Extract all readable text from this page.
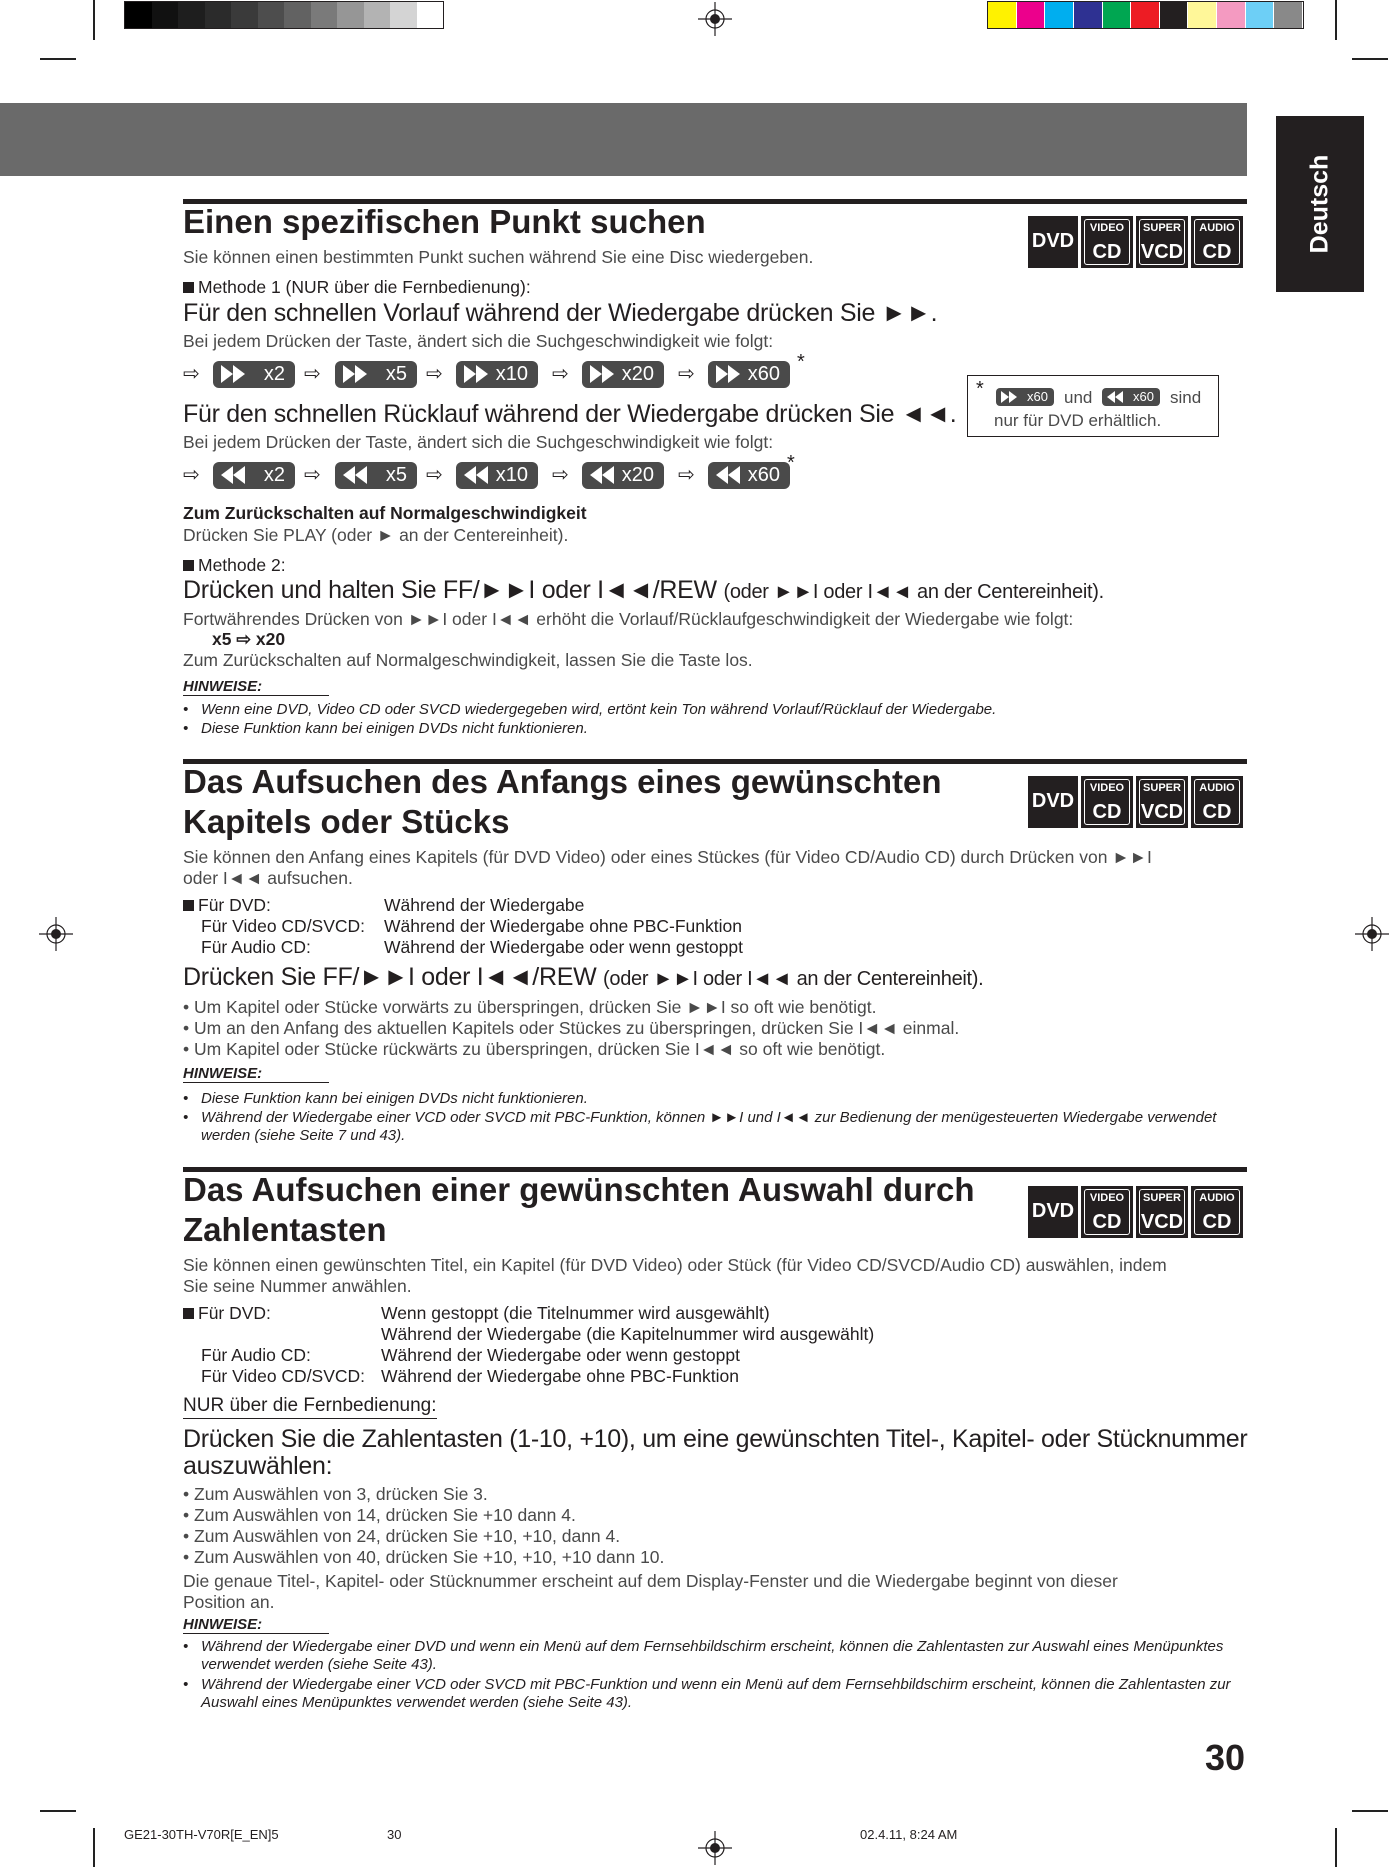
Deutsch
Einen spezifischen Punkt suchen
DVD
VIDEO
CD
SUPER
VCD
AUDIO
CD
Sie können einen bestimmten Punkt suchen während Sie eine Disc wiedergeben.
Methode 1 (NUR über die Fernbedienung):
Für den schnellen Vorlauf während der Wiedergabe drücken Sie ►►.
Bei jedem Drücken der Taste, ändert sich die Suchgeschwindigkeit wie folgt:
⇨	x2 ⇨	x5 ⇨	x10 ⇨	x20 ⇨	x60
*
*	x60 und	x60 sind
nur für DVD erhältlich.
Für den schnellen Rücklauf während der Wiedergabe drücken Sie ◄◄.
Bei jedem Drücken der Taste, ändert sich die Suchgeschwindigkeit wie folgt:
⇨	x2 ⇨	x5 ⇨	x10 ⇨	x20 ⇨	x60
*
Zum Zurückschalten auf Normalgeschwindigkeit
Drücken Sie PLAY (oder ► an der Centereinheit).
Methode 2:
Drücken und halten Sie FF/►►I oder I◄◄/REW (oder ►►I oder I◄◄ an der Centereinheit).
Fortwährendes Drücken von ►►I oder I◄◄ erhöht die Vorlauf/Rücklaufgeschwindigkeit der Wiedergabe wie folgt:
x5 ⇨ x20
Zum Zurückschalten auf Normalgeschwindigkeit, lassen Sie die Taste los.
HINWEISE:
• Wenn eine DVD, Video CD oder SVCD wiedergegeben wird, ertönt kein Ton während Vorlauf/Rücklauf der Wiedergabe.
• Diese Funktion kann bei einigen DVDs nicht funktionieren.
Das Aufsuchen des Anfangs eines gewünschten
Kapitels oder Stücks
DVD
VIDEO
CD
SUPER
VCD
AUDIO
CD
Sie können den Anfang eines Kapitels (für DVD Video) oder eines Stückes (für Video CD/Audio CD) durch Drücken von ►►I
oder I◄◄ aufsuchen.
Für DVD:	Während der Wiedergabe
Für Video CD/SVCD: Während der Wiedergabe ohne PBC-Funktion
Für Audio CD:	Während der Wiedergabe oder wenn gestoppt
Drücken Sie FF/►►I oder I◄◄/REW (oder ►►I oder I◄◄ an der Centereinheit).
• Um Kapitel oder Stücke vorwärts zu überspringen, drücken Sie ►►I so oft wie benötigt.
• Um an den Anfang des aktuellen Kapitels oder Stückes zu überspringen, drücken Sie I◄◄ einmal.
• Um Kapitel oder Stücke rückwärts zu überspringen, drücken Sie I◄◄ so oft wie benötigt.
HINWEISE:
• Diese Funktion kann bei einigen DVDs nicht funktionieren.
• Während der Wiedergabe einer VCD oder SVCD mit PBC-Funktion, können ►►I und I◄◄ zur Bedienung der menügesteuerten Wiedergabe verwendet werden (siehe Seite 7 und 43).
Das Aufsuchen einer gewünschten Auswahl durch
Zahlentasten	DVD
VIDEO
CD
SUPER
VCD
AUDIO
CD
Sie können einen gewünschten Titel, ein Kapitel (für DVD Video) oder Stück (für Video CD/SVCD/Audio CD) auswählen, indem
Sie seine Nummer anwählen.
Für DVD:	Wenn gestoppt (die Titelnummer wird ausgewählt)
Während der Wiedergabe (die Kapitelnummer wird ausgewählt)
Für Audio CD:	Während der Wiedergabe oder wenn gestoppt
Für Video CD/SVCD: Während der Wiedergabe ohne PBC-Funktion
NUR über die Fernbedienung:
Drücken Sie die Zahlentasten (1-10, +10), um eine gewünschten Titel-, Kapitel- oder Stücknummer
auszuwählen:
• Zum Auswählen von 3, drücken Sie 3.
• Zum Auswählen von 14, drücken Sie +10 dann 4.
• Zum Auswählen von 24, drücken Sie +10, +10, dann 4.
• Zum Auswählen von 40, drücken Sie +10, +10, +10 dann 10.
Die genaue Titel-, Kapitel- oder Stücknummer erscheint auf dem Display-Fenster und die Wiedergabe beginnt von dieser
Position an.
HINWEISE:
• Während der Wiedergabe einer DVD und wenn ein Menü auf dem Fernsehbildschirm erscheint, können die Zahlentasten zur Auswahl eines Menüpunktes verwendet werden (siehe Seite 43).
• Während der Wiedergabe einer VCD oder SVCD mit PBC-Funktion und wenn ein Menü auf dem Fernsehbildschirm erscheint, können die Zahlentasten zur Auswahl eines Menüpunktes verwendet werden (siehe Seite 43).
30
GE21-30TH-V70R[E_EN]5	30	02.4.11, 8:24 AM
